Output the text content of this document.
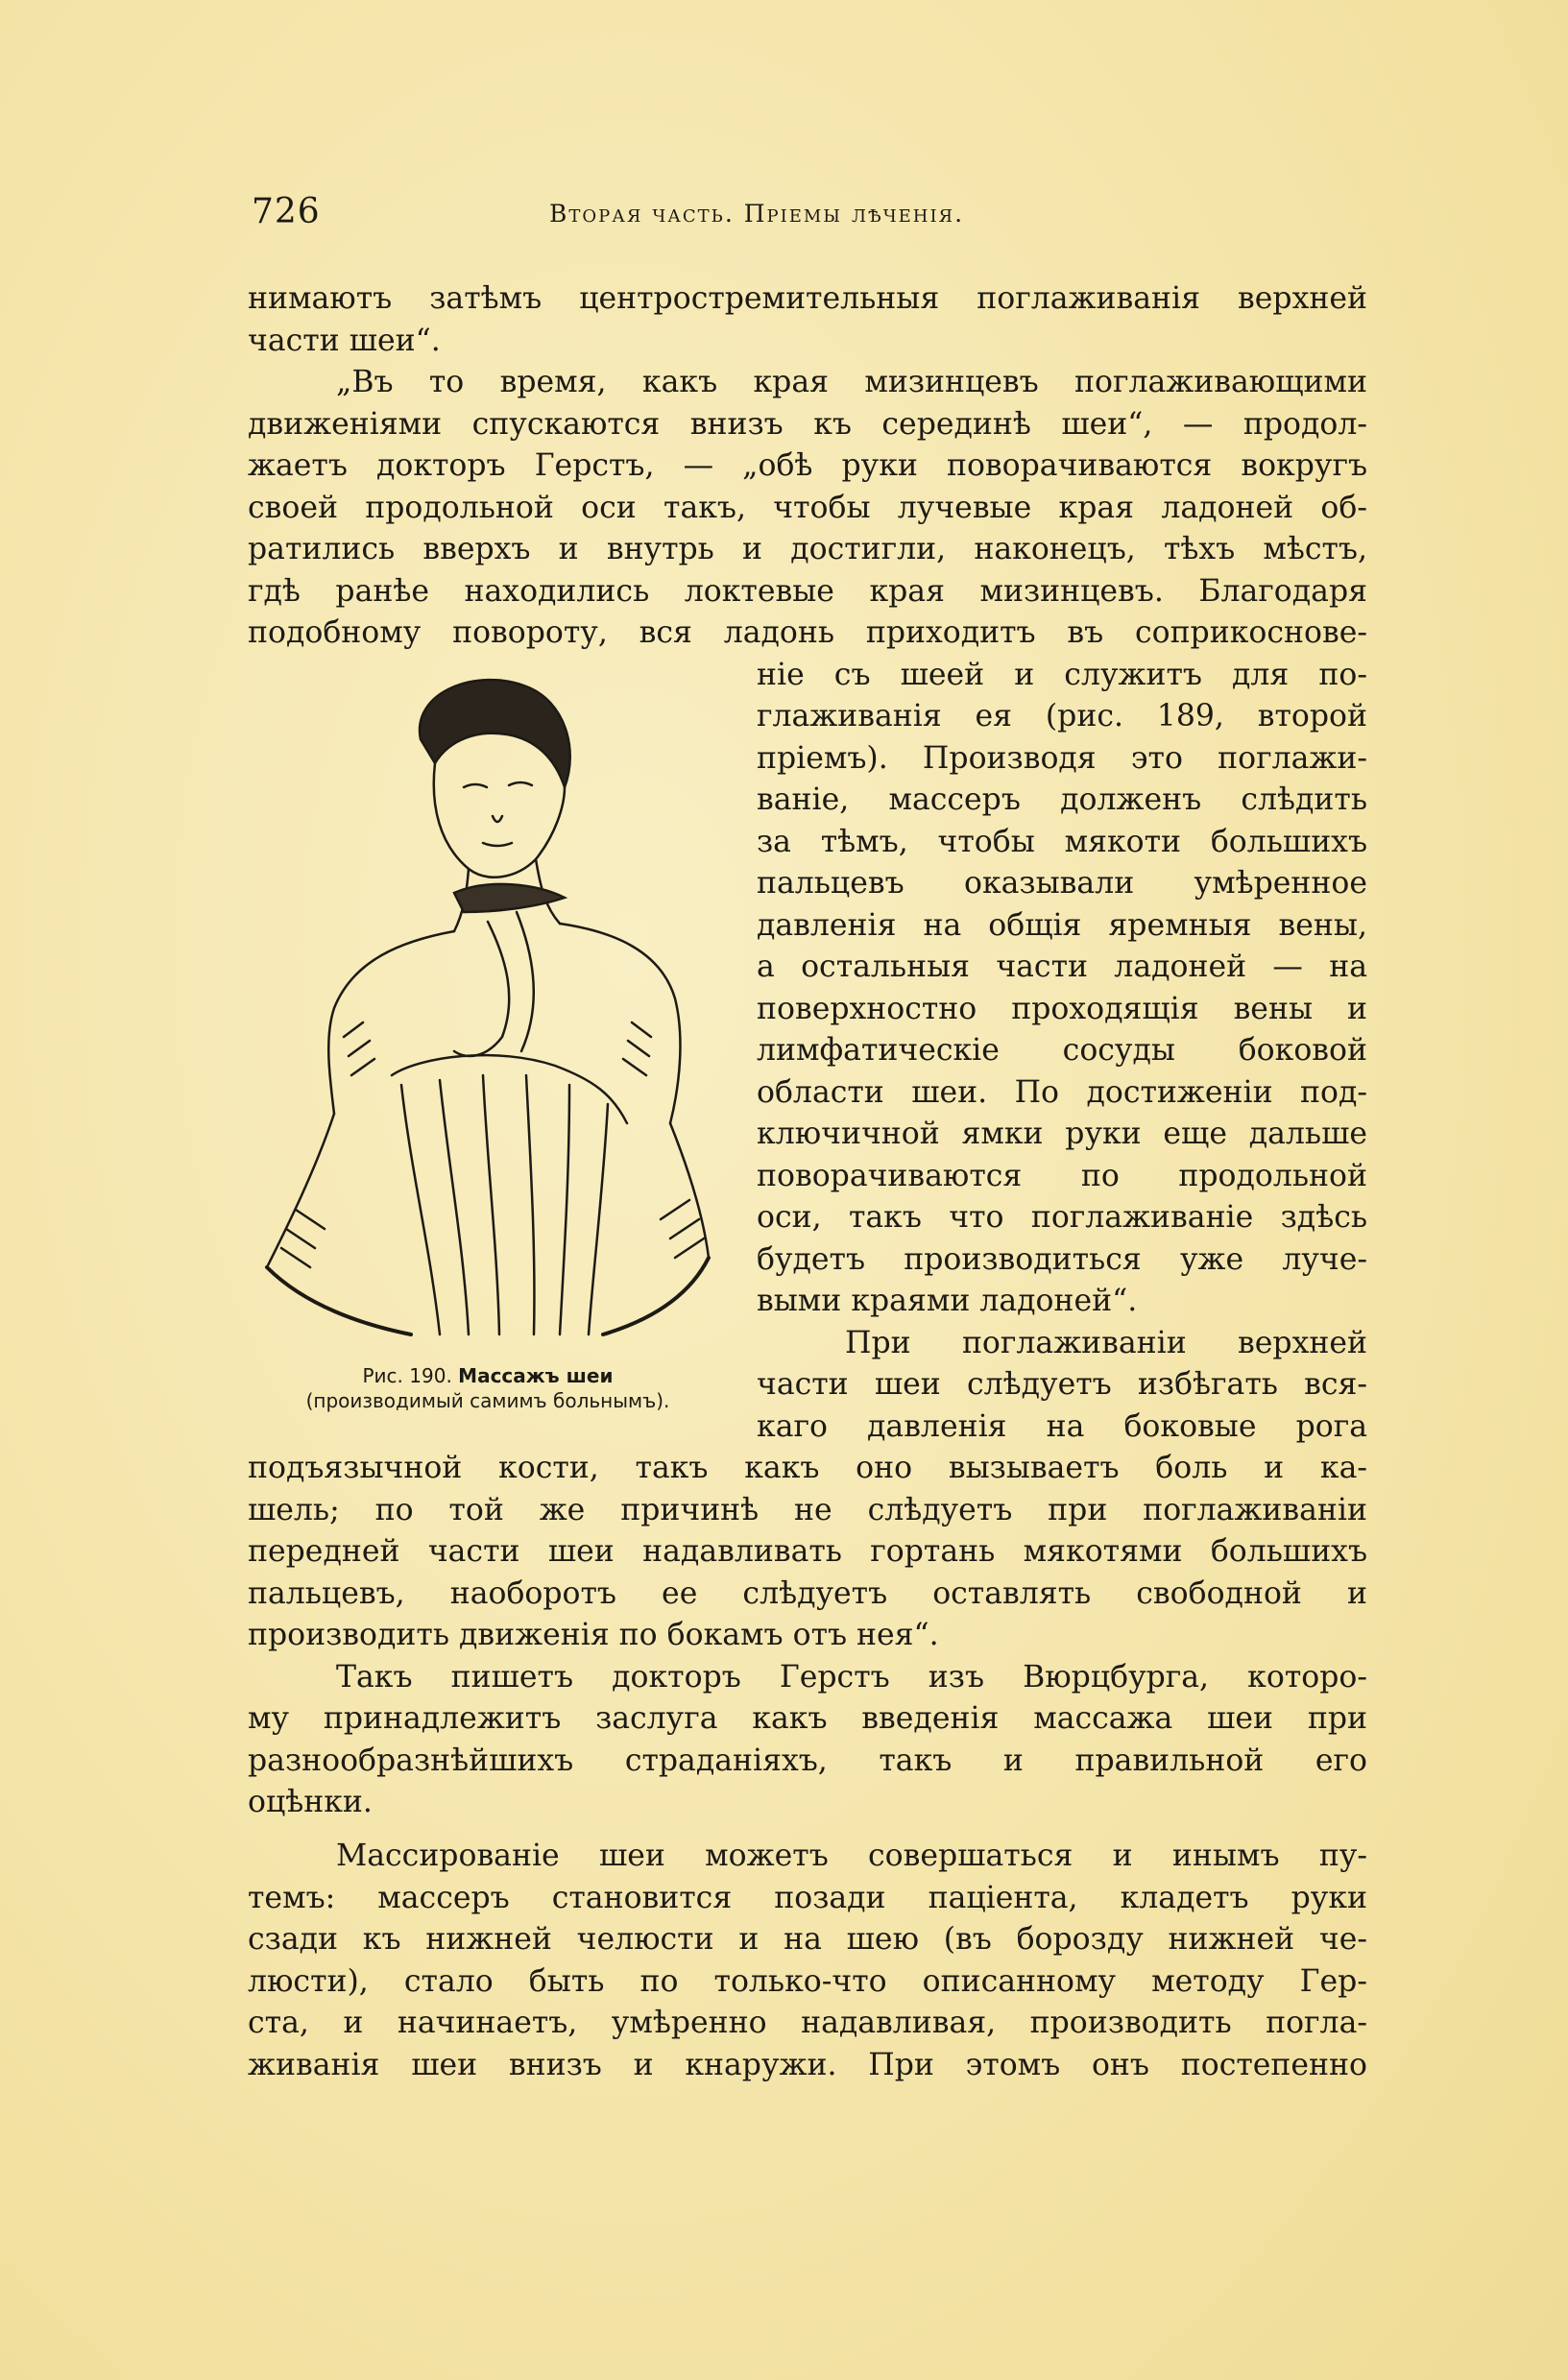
726	Вторая часть. Пріемы лѣченія.
нимаютъ затѣмъ центростремительныя поглаживанія верхней
части шеи“.
„Въ то время, какъ края мизинцевъ поглаживающими
движеніями спускаются внизъ къ серединѣ шеи“, — продол-
жаетъ докторъ Герстъ, — „обѣ руки поворачиваются вокругъ
своей продольной оси такъ, чтобы лучевые края ладоней об-
ратились вверхъ и внутрь и достигли, наконецъ, тѣхъ мѣстъ,
гдѣ ранѣе находились локтевые края мизинцевъ. Благодаря
подобному повороту, вся ладонь приходитъ въ соприкоснове-
ніе съ шеей и служитъ для по-
глаживанія ея (рис. 189, второй
пріемъ). Производя это поглажи-
ваніе, массеръ долженъ слѣдить
за тѣмъ, чтобы мякоти большихъ
пальцевъ оказывали умѣренное
давленія на общія яремныя вены,
а остальныя части ладоней — на
поверхностно проходящія вены и
лимфатическіе сосуды боковой
области шеи. По достиженіи под-
ключичной ямки руки еще дальше
поворачиваются по продольной
оси, такъ что поглаживаніе здѣсь
будетъ производиться уже луче-
выми краями ладоней“.
При поглаживаніи верхней
части шеи слѣдуетъ избѣгать вся-
каго давленія на боковые рога
подъязычной кости, такъ какъ оно вызываетъ боль и ка-
шель; по той же причинѣ не слѣдуетъ при поглаживаніи
передней части шеи надавливать гортань мякотями большихъ
пальцевъ, наоборотъ ее слѣдуетъ оставлять свободной и
производить движенія по бокамъ отъ нея“.
Такъ пишетъ докторъ Герстъ изъ Вюрцбурга, которо-
му принадлежитъ заслуга какъ введенія массажа шеи при
разнообразнѣйшихъ страданіяхъ, такъ и правильной его
оцѣнки.
Массированіе шеи можетъ совершаться и инымъ пу-
темъ: массеръ становится позади паціента, кладетъ руки
сзади къ нижней челюсти и на шею (въ борозду нижней че-
люсти), стало быть по только-что описанному методу Гер-
ста, и начинаетъ, умѣренно надавливая, производить погла-
живанія шеи внизъ и кнаружи. При этомъ онъ постепенно
Рис. 190. Массажъ шеи
(производимый самимъ больнымъ).
